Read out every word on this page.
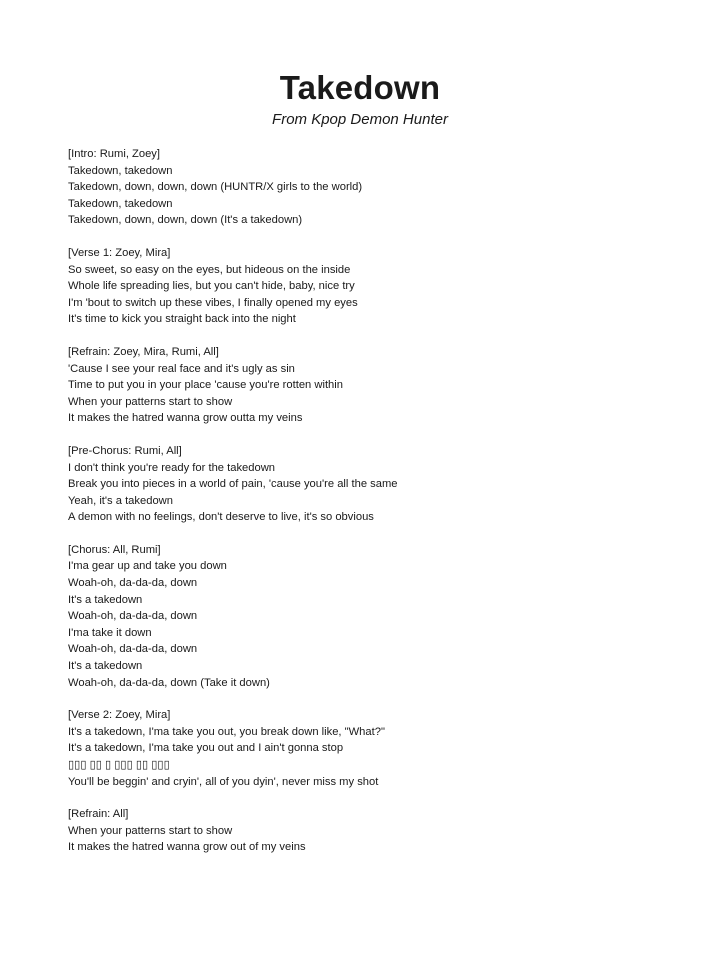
Takedown

From Kpop Demon Hunter

[Intro: Rumi, Zoey]

Takedown, takedown

Takedown, down, down, down (HUNTR/X girls to the world)

Takedown, takedown

Takedown, down, down, down (It's a takedown)

[Verse 1: Zoey, Mira]

So sweet, so easy on the eyes, but hideous on the inside

Whole life spreading lies, but you can't hide, baby, nice try

I'm 'bout to switch up these vibes, I finally opened my eyes

It's time to kick you straight back into the night

[Refrain: Zoey, Mira, Rumi, All]

'Cause I see your real face and it's ugly as sin

Time to put you in your place 'cause you're rotten within

When your patterns start to show

It makes the hatred wanna grow outta my veins

[Pre-Chorus: Rumi, All]

I don't think you're ready for the takedown

Break you into pieces in a world of pain, 'cause you're all the same

Yeah, it's a takedown

A demon with no feelings, don't deserve to live, it's so obvious

[Chorus: All, Rumi]

I'ma gear up and take you down

Woah-oh, da-da-da, down

It's a takedown

Woah-oh, da-da-da, down

I'ma take it down

Woah-oh, da-da-da, down

It's a takedown

Woah-oh, da-da-da, down (Take it down)

[Verse 2: Zoey, Mira]

It's a takedown, I'ma take you out, you break down like, "What?"

It's a takedown, I'ma take you out and I ain't gonna stop

▯▯▯ ▯▯ ▯ ▯▯▯ ▯▯ ▯▯▯

You'll be beggin' and cryin', all of you dyin', never miss my shot

[Refrain: All]

When your patterns start to show

It makes the hatred wanna grow out of my veins
